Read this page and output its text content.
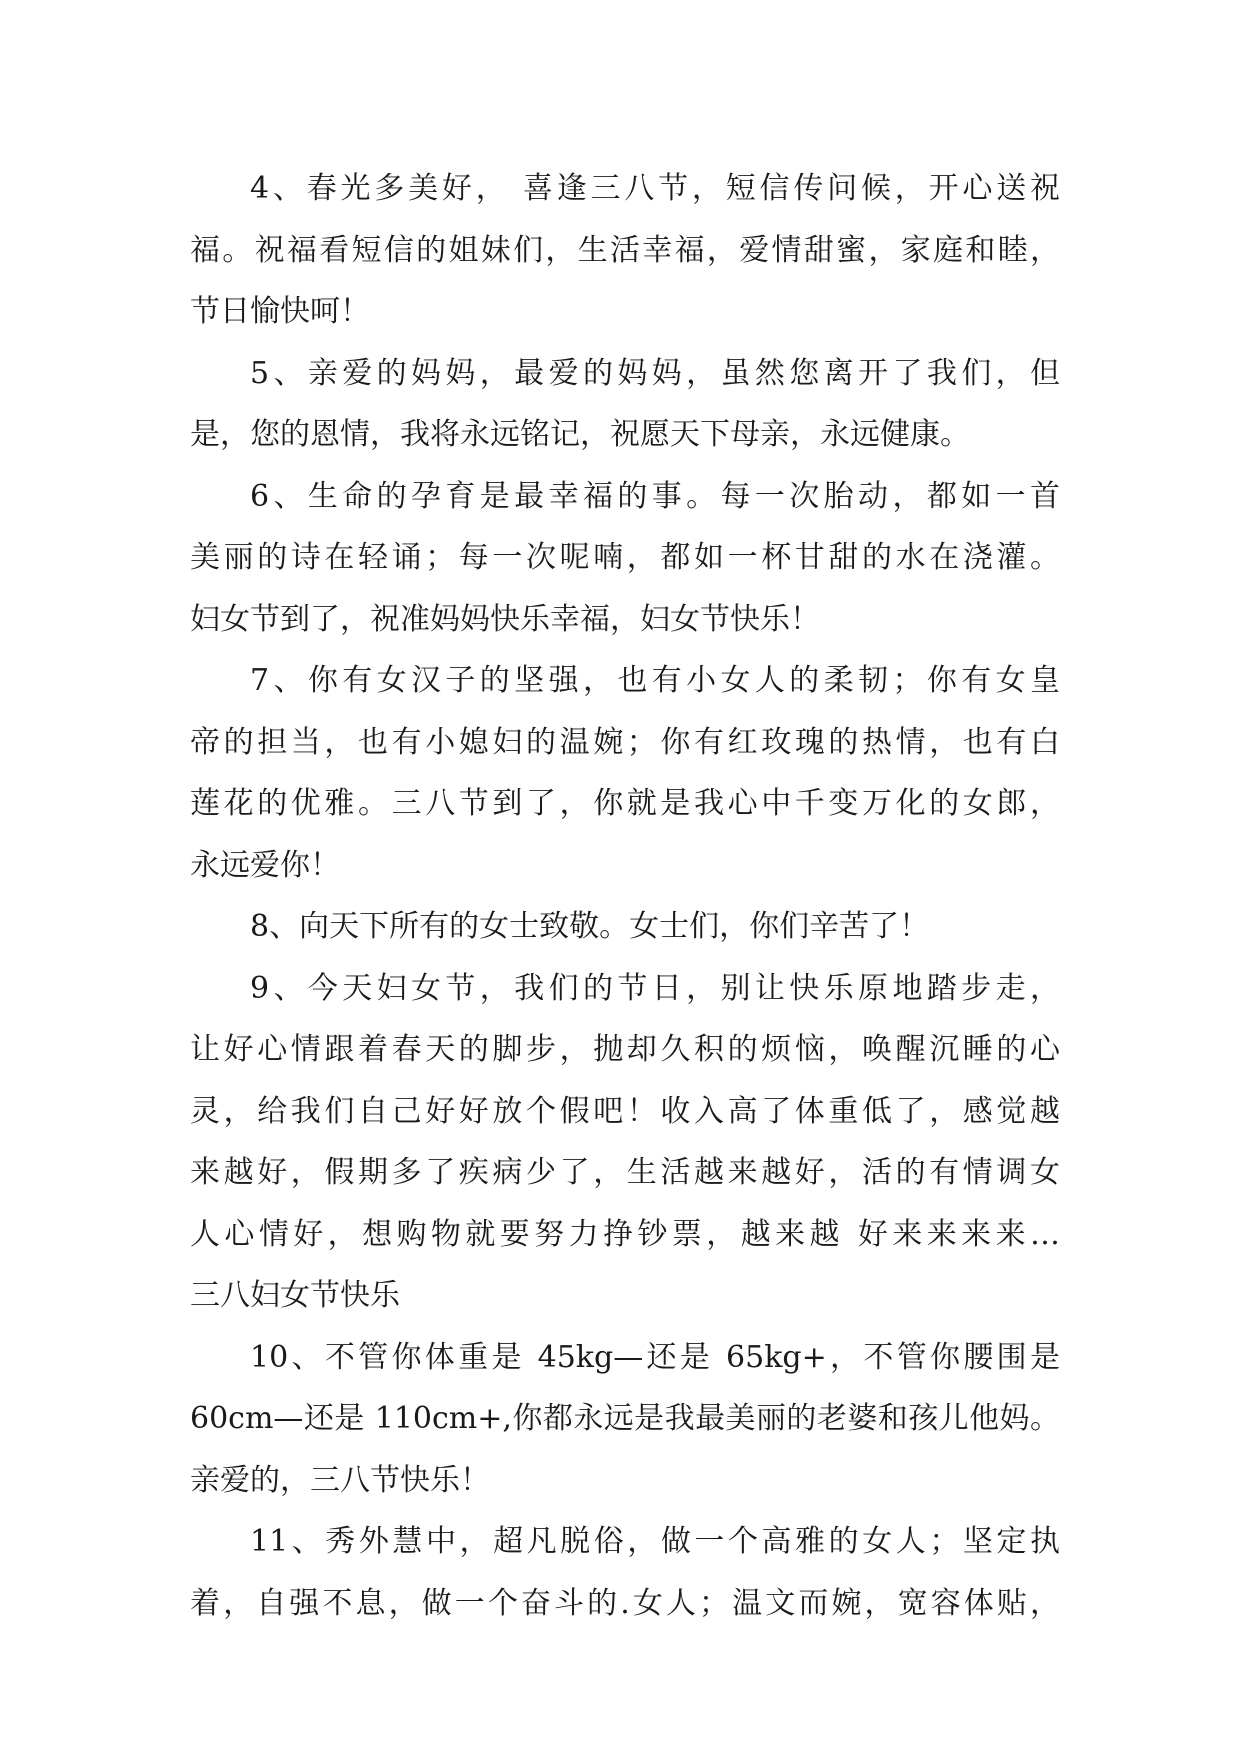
4、春光多美好， 喜逢三八节，短信传问候，开心送祝
福。祝福看短信的姐妹们，生活幸福，爱情甜蜜，家庭和睦，
节日愉快呵！
5、亲爱的妈妈，最爱的妈妈，虽然您离开了我们，但
是，您的恩情，我将永远铭记，祝愿天下母亲，永远健康。
6、生命的孕育是最幸福的事。每一次胎动，都如一首
美丽的诗在轻诵；每一次呢喃，都如一杯甘甜的水在浇灌。
妇女节到了，祝准妈妈快乐幸福，妇女节快乐！
7、你有女汉子的坚强，也有小女人的柔韧；你有女皇
帝的担当，也有小媳妇的温婉；你有红玫瑰的热情，也有白
莲花的优雅。三八节到了，你就是我心中千变万化的女郎，
永远爱你！
8、向天下所有的女士致敬。女士们，你们辛苦了！
9、今天妇女节，我们的节日，别让快乐原地踏步走，
让好心情跟着春天的脚步，抛却久积的烦恼，唤醒沉睡的心
灵，给我们自己好好放个假吧！收入高了体重低了，感觉越
来越好，假期多了疾病少了，生活越来越好，活的有情调女
人心情好，想购物就要努力挣钞票，越来越 好来来来来…
三八妇女节快乐
10、不管你体重是 45kg—还是 65kg+，不管你腰围是
60cm—还是 110cm+,你都永远是我最美丽的老婆和孩儿他妈。
亲爱的，三八节快乐！
11、秀外慧中，超凡脱俗，做一个高雅的女人；坚定执
着，自强不息，做一个奋斗的.女人；温文而婉，宽容体贴，
